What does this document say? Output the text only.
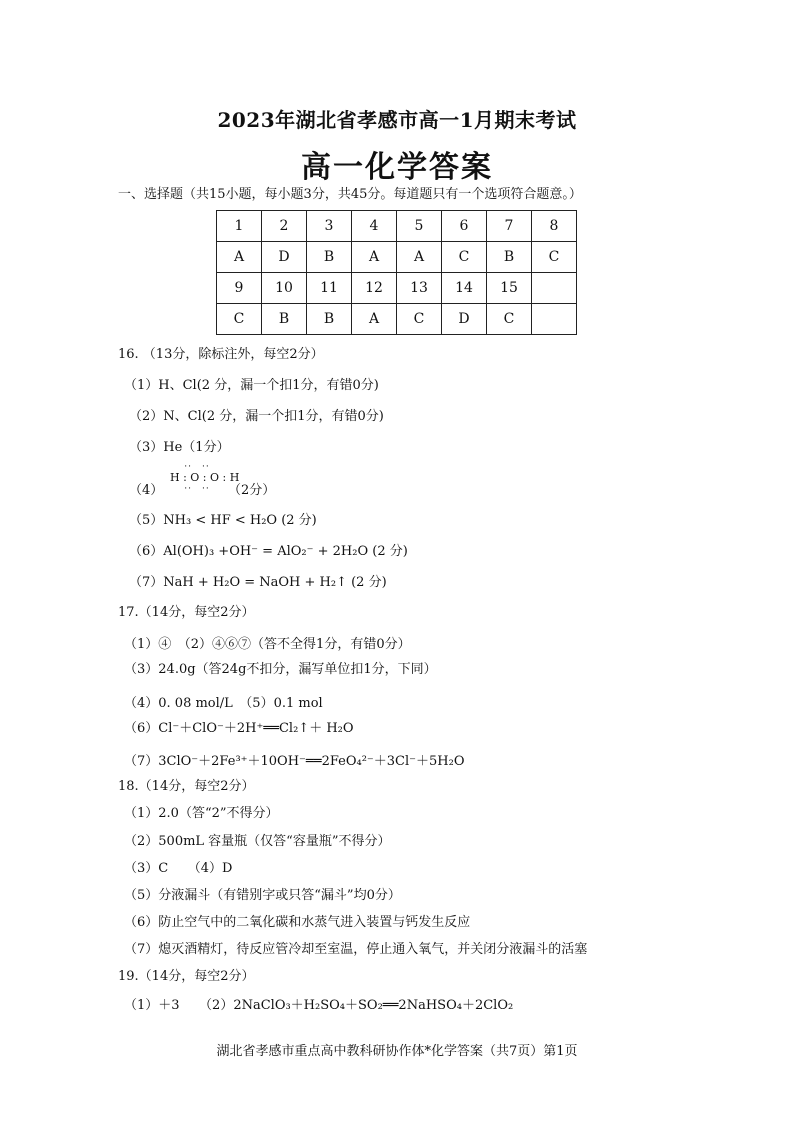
2023年湖北省孝感市高一1月期末考试
高一化学答案
一、选择题（共15小题，每小题3分，共45分。每道题只有一个选项符合题意。）
1	2	3	4	5	6	7	8
A	D	B	A	A	C	B	C
9	10	11	12	13	14	15	
C	B	B	A	C	D	C	
16. （13分，除标注外，每空2分）
（1）H、Cl(2 分，漏一个扣1分，有错0分)
（2）N、Cl(2 分，漏一个扣1分，有错0分)
（3）He（1分）
（4）
··　··
H : O : O : H
··　··	（2分）
（5）NH₃ < HF < H₂O (2 分)
（6）Al(OH)₃ +OH⁻ = AlO₂⁻ + 2H₂O (2 分)
（7）NaH + H₂O = NaOH + H₂↑ (2 分)
17.（14分，每空2分）
（1）④　（2）④⑥⑦（答不全得1分，有错0分）
（3）24.0g（答24g不扣分，漏写单位扣1分，下同）
（4）0. 08 mol/L　（5）0.1 mol
（6）Cl⁻＋ClO⁻＋2H⁺══Cl₂↑＋ H₂O
（7）3ClO⁻＋2Fe³⁺＋10OH⁻══2FeO₄²⁻＋3Cl⁻＋5H₂O
18.（14分，每空2分）
（1）2.0（答“2”不得分）
（2）500mL 容量瓶（仅答“容量瓶”不得分）
（3）C　　（4）D
（5）分液漏斗（有错别字或只答“漏斗”均0分）
（6）防止空气中的二氧化碳和水蒸气进入装置与钙发生反应
（7）熄灭酒精灯，待反应管冷却至室温，停止通入氧气，并关闭分液漏斗的活塞
19.（14分，每空2分）
（1）＋3　　（2）2NaClO₃＋H₂SO₄＋SO₂══2NaHSO₄＋2ClO₂
湖北省孝感市重点高中教科研协作体*化学答案（共7页）第1页
